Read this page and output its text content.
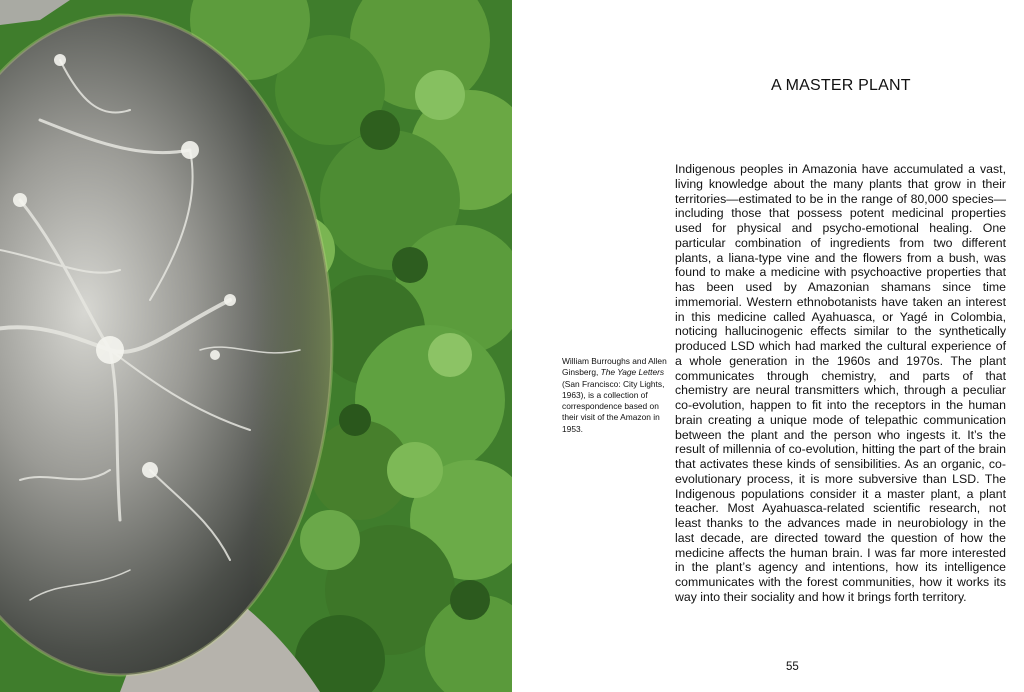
A MASTER PLANT
William Burroughs and Allen Ginsberg, The Yage Letters (San Francisco: City Lights, 1963), is a collection of correspondence based on their visit of the Amazon in 1953.

Indigenous peoples in Amazonia have accumulated a vast, living knowledge about the many plants that grow in their territories—estimated to be in the range of 80,000 species—including those that possess potent medicinal properties used for physical and psycho-emotional healing. One particular combination of ingredients from two different plants, a liana-type vine and the flowers from a bush, was found to make a medicine with psychoactive properties that has been used by Amazonian shamans since time immemorial. Western ethnobotanists have taken an interest in this medicine called Ayahuasca, or Yagé in Colombia, noticing hallucinogenic effects similar to the synthetically produced LSD which had marked the cultural experience of a whole generation in the 1960s and 1970s. The plant communicates through chemistry, and parts of that chemistry are neural transmitters which, through a peculiar co-evolution, happen to fit into the receptors in the human brain creating a unique mode of telepathic communication between the plant and the person who ingests it. It’s the result of millennia of co-evolution, hitting the part of the brain that activates these kinds of sensibilities. As an organic, co-evolutionary process, it is more subversive than LSD. The Indigenous populations consider it a master plant, a plant teacher. Most Ayahuasca-related scientific research, not least thanks to the advances made in neurobiology in the last decade, are directed toward the question of how the medicine affects the human brain. I was far more interested in the plant’s agency and intentions, how its intelligence communicates with the forest communities, how it works its way into their sociality and how it brings forth territory.

55
